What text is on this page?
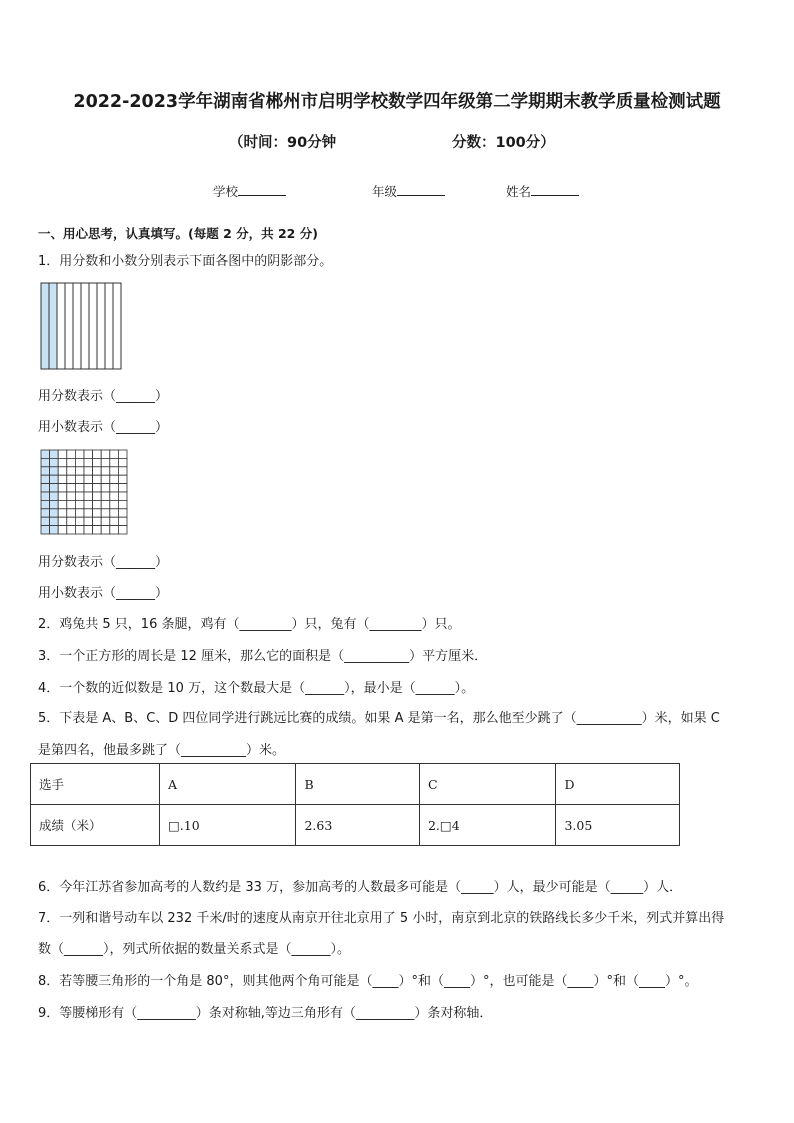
2022-2023学年湖南省郴州市启明学校数学四年级第二学期期末教学质量检测试题
（时间：90分钟	分数：100分）
学校	年级	姓名
一、用心思考，认真填写。(每题 2 分，共 22 分)
1．用分数和小数分别表示下面各图中的阴影部分。
用分数表示（______）
用小数表示（______）
用分数表示（______）
用小数表示（______）
2．鸡兔共 5 只，16 条腿，鸡有（________）只，兔有（________）只。
3．一个正方形的周长是 12 厘米，那么它的面积是（__________）平方厘米．
4．一个数的近似数是 10 万，这个数最大是（______），最小是（______）。
5．下表是 A、B、C、D 四位同学进行跳远比赛的成绩。如果 A 是第一名，那么他至少跳了（__________）米，如果 C
是第四名，他最多跳了（__________）米。
选手	A	B	C	D
成绩（米）	□.10	2.63	2.□4	3.05
6．今年江苏省参加高考的人数约是 33 万，参加高考的人数最多可能是（_____）人，最少可能是（_____）人．
7．一列和谐号动车以 232 千米/时的速度从南京开往北京用了 5 小时，南京到北京的铁路线长多少千米，列式并算出得
数（______），列式所依据的数量关系式是（______）。
8．若等腰三角形的一个角是 80°，则其他两个角可能是（____）°和（____）°，也可能是（____）°和（____）°。
9．等腰梯形有（_________）条对称轴,等边三角形有（_________）条对称轴．
